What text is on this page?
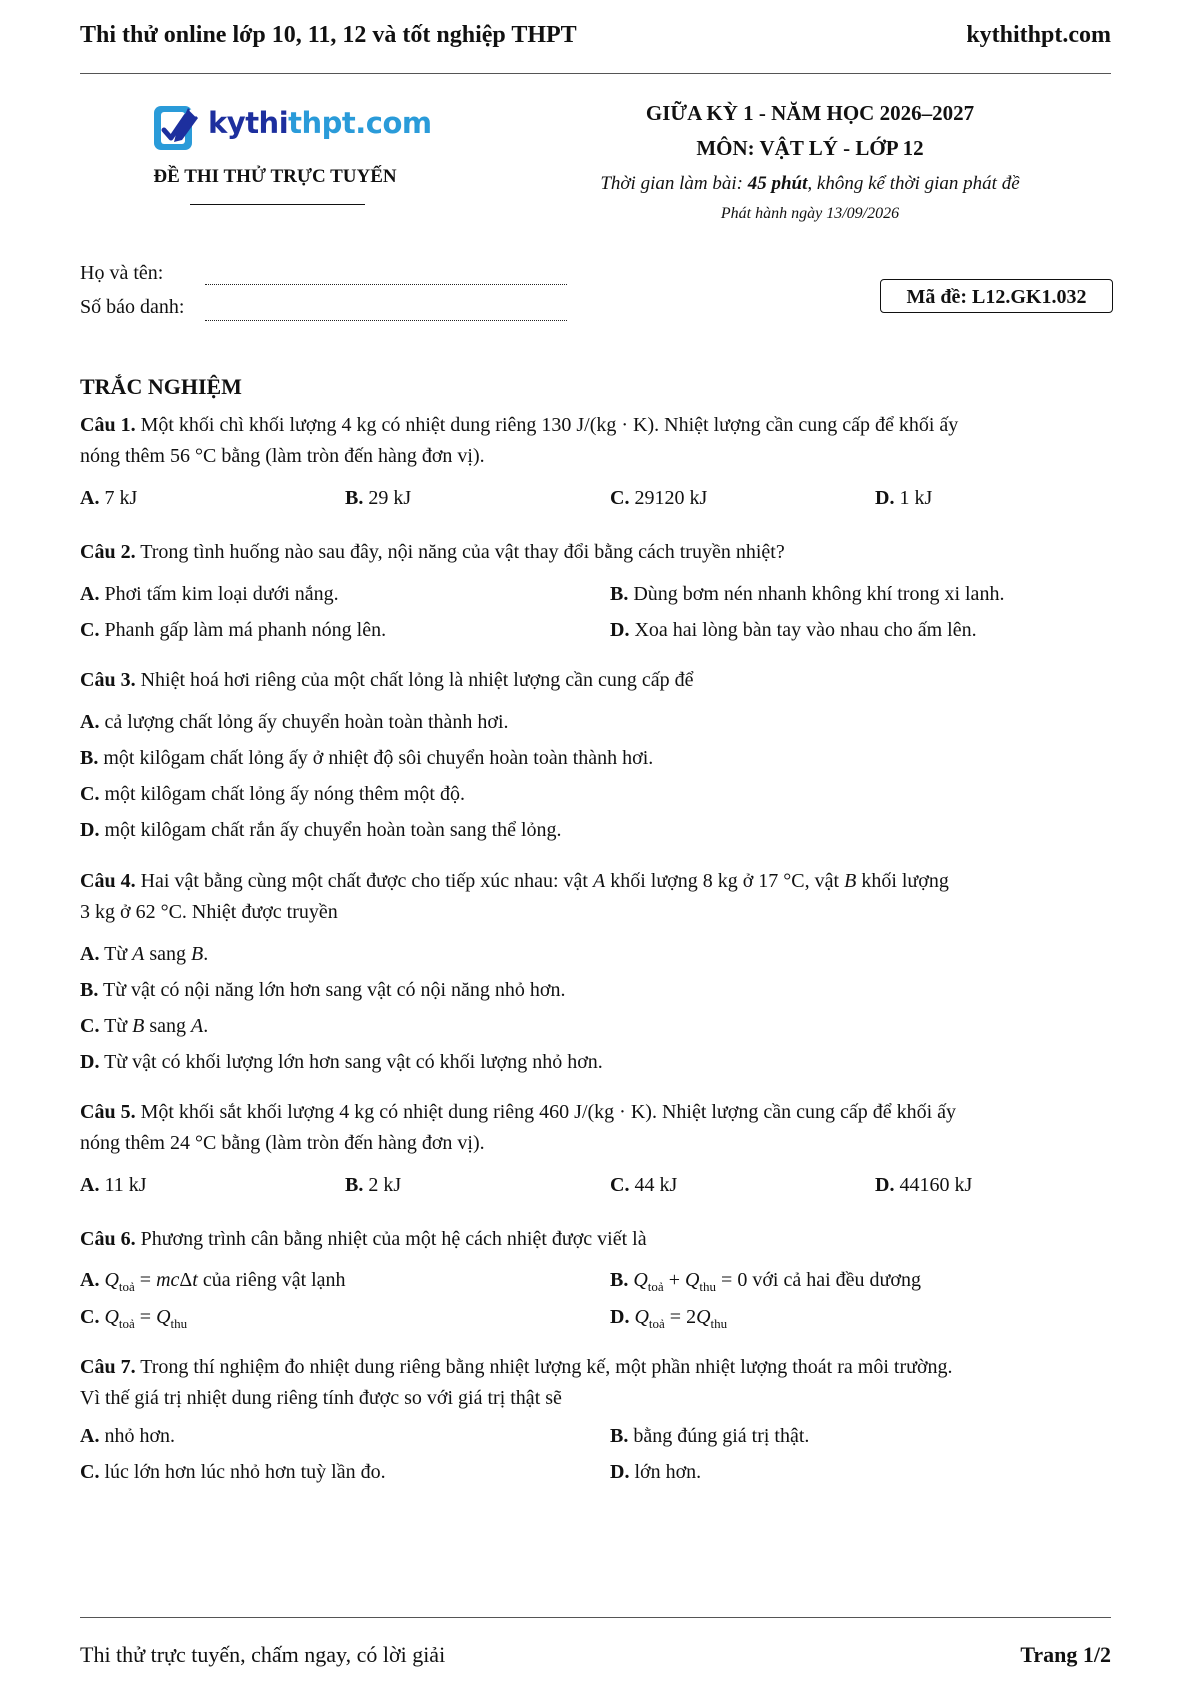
Thi thử online lớp 10, 11, 12 và tốt nghiệp THPT	kythithpt.com
kythithpt.com
ĐỀ THI THỬ TRỰC TUYẾN
GIỮA KỲ 1 - NĂM HỌC 2026–2027
MÔN: VẬT LÝ - LỚP 12
Thời gian làm bài: 45 phút, không kể thời gian phát đề
Phát hành ngày 13/09/2026
Họ và tên:
Số báo danh:	Mã đề: L12.GK1.032
TRẮC NGHIỆM
Câu 1. Một khối chì khối lượng 4 kg có nhiệt dung riêng 130 J/(kg · K). Nhiệt lượng cần cung cấp để khối ấy
nóng thêm 56 °C bằng (làm tròn đến hàng đơn vị).
A. 7 kJ	B. 29 kJ	C. 29120 kJ	D. 1 kJ
Câu 2. Trong tình huống nào sau đây, nội năng của vật thay đổi bằng cách truyền nhiệt?
A. Phơi tấm kim loại dưới nắng.	B. Dùng bơm nén nhanh không khí trong xi lanh.
C. Phanh gấp làm má phanh nóng lên.	D. Xoa hai lòng bàn tay vào nhau cho ấm lên.
Câu 3. Nhiệt hoá hơi riêng của một chất lỏng là nhiệt lượng cần cung cấp để
A. cả lượng chất lỏng ấy chuyển hoàn toàn thành hơi.
B. một kilôgam chất lỏng ấy ở nhiệt độ sôi chuyển hoàn toàn thành hơi.
C. một kilôgam chất lỏng ấy nóng thêm một độ.
D. một kilôgam chất rắn ấy chuyển hoàn toàn sang thể lỏng.
Câu 4. Hai vật bằng cùng một chất được cho tiếp xúc nhau: vật A khối lượng 8 kg ở 17 °C, vật B khối lượng
3 kg ở 62 °C. Nhiệt được truyền
A. Từ A sang B.
B. Từ vật có nội năng lớn hơn sang vật có nội năng nhỏ hơn.
C. Từ B sang A.
D. Từ vật có khối lượng lớn hơn sang vật có khối lượng nhỏ hơn.
Câu 5. Một khối sắt khối lượng 4 kg có nhiệt dung riêng 460 J/(kg · K). Nhiệt lượng cần cung cấp để khối ấy
nóng thêm 24 °C bằng (làm tròn đến hàng đơn vị).
A. 11 kJ	B. 2 kJ	C. 44 kJ	D. 44160 kJ
Câu 6. Phương trình cân bằng nhiệt của một hệ cách nhiệt được viết là
A. $Q_{toả} = mc\Delta t$ của riêng vật lạnh	B. $Q_{toả} + Q_{thu} = 0$ với cả hai đều dương
C. $Q_{toả} = Q_{thu}$	D. $Q_{toả} = 2Q_{thu}$
Câu 7. Trong thí nghiệm đo nhiệt dung riêng bằng nhiệt lượng kế, một phần nhiệt lượng thoát ra môi trường.
Vì thế giá trị nhiệt dung riêng tính được so với giá trị thật sẽ
A. nhỏ hơn.	B. bằng đúng giá trị thật.
C. lúc lớn hơn lúc nhỏ hơn tuỳ lần đo.	D. lớn hơn.
Thi thử trực tuyến, chấm ngay, có lời giải	Trang 1/2
